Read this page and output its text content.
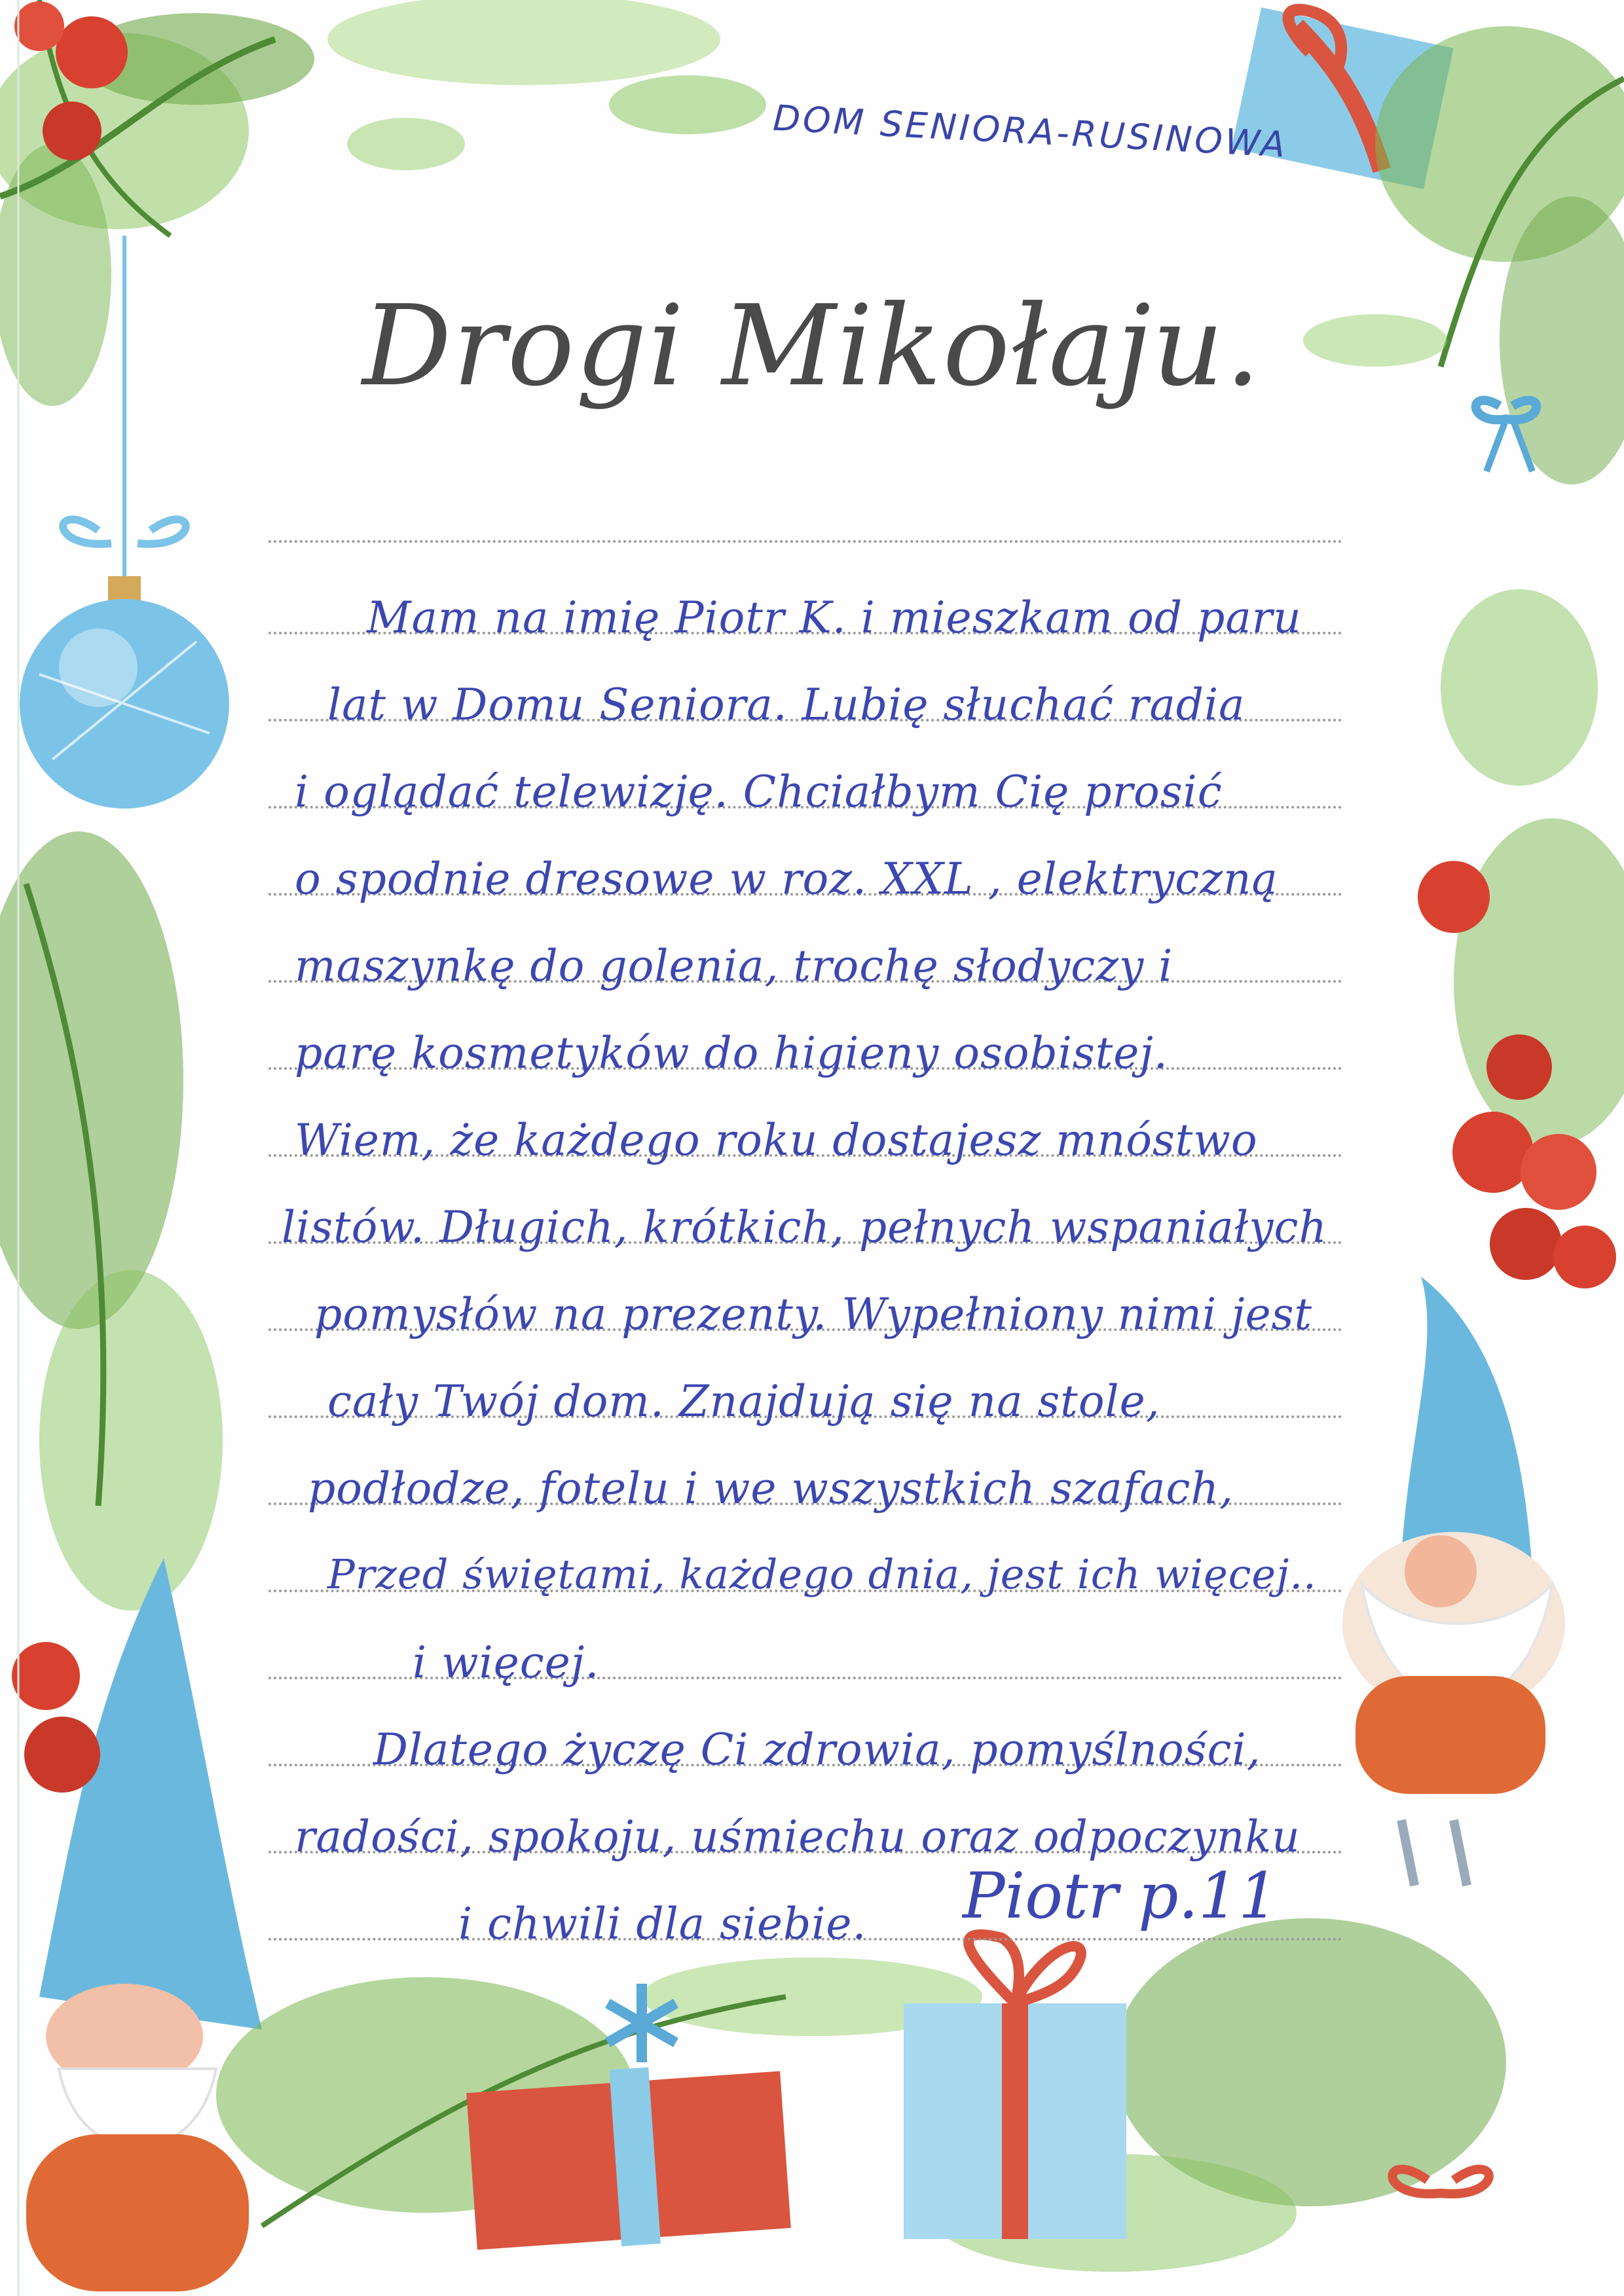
DOM SENIORA-RUSINOWA
Drogi Mikołaju.
Mam na imię Piotr K. i mieszkam od paru
lat w Domu Seniora. Lubię słuchać radia
i oglądać telewizję. Chciałbym Cię prosić
o spodnie dresowe w roz. XXL , elektryczną
maszynkę do golenia, trochę słodyczy i
parę kosmetyków do higieny osobistej.
Wiem, że każdego roku dostajesz mnóstwo
listów. Długich, krótkich, pełnych wspaniałych
pomysłów na prezenty. Wypełniony nimi jest
cały Twój dom. Znajdują się na stole,
podłodze, fotelu i we wszystkich szafach,
Przed świętami, każdego dnia, jest ich więcej..
i więcej.
Dlatego życzę Ci zdrowia, pomyślności,
radości, spokoju, uśmiechu oraz odpoczynku
i chwili dla siebie. Piotr p.11
